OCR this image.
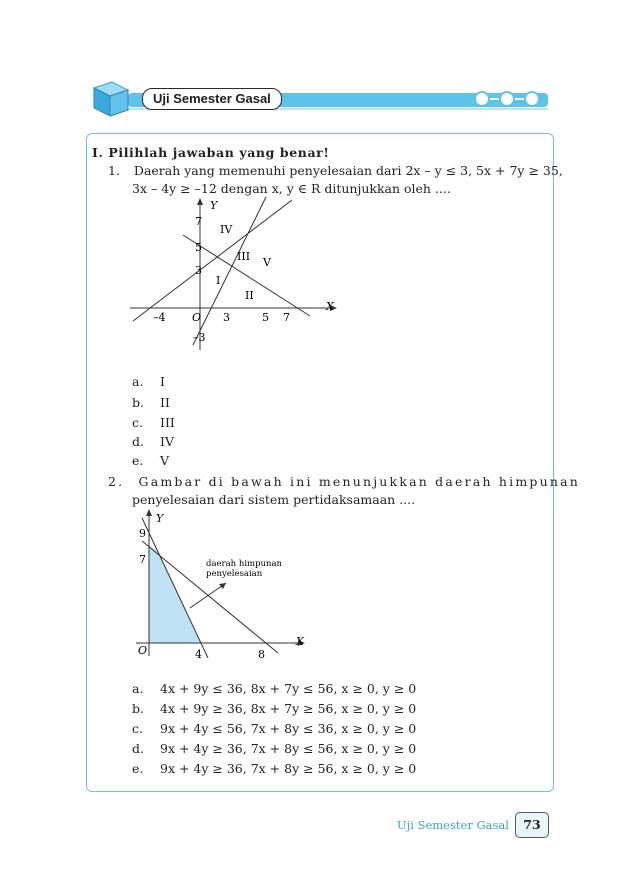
Uji Semester Gasal
I. Pilihlah jawaban yang benar!
1. Daerah yang memenuhi penyelesaian dari 2x – y ≤ 3, 5x + 7y ≥ 35,
3x – 4y ≥ –12 dengan x, y ∈ R ditunjukkan oleh ....
Y
X
O
–4	3	5 7
7
5
3
–3
IV
III V
I
II
a. I
b. II
c. III
d. IV
e. V
2. Gambar di bawah ini menunjukkan daerah himpunan
penyelesaian dari sistem pertidaksamaan ....
Y
X
O
9
7
4	8
daerah himpunan
penyelesaian
a. 4x + 9y ≤ 36, 8x + 7y ≤ 56, x ≥ 0, y ≥ 0
b. 4x + 9y ≥ 36, 8x + 7y ≥ 56, x ≥ 0, y ≥ 0
c. 9x + 4y ≤ 56, 7x + 8y ≤ 36, x ≥ 0, y ≥ 0
d. 9x + 4y ≥ 36, 7x + 8y ≤ 56, x ≥ 0, y ≥ 0
e. 9x + 4y ≥ 36, 7x + 8y ≥ 56, x ≥ 0, y ≥ 0
Uji Semester Gasal	73
